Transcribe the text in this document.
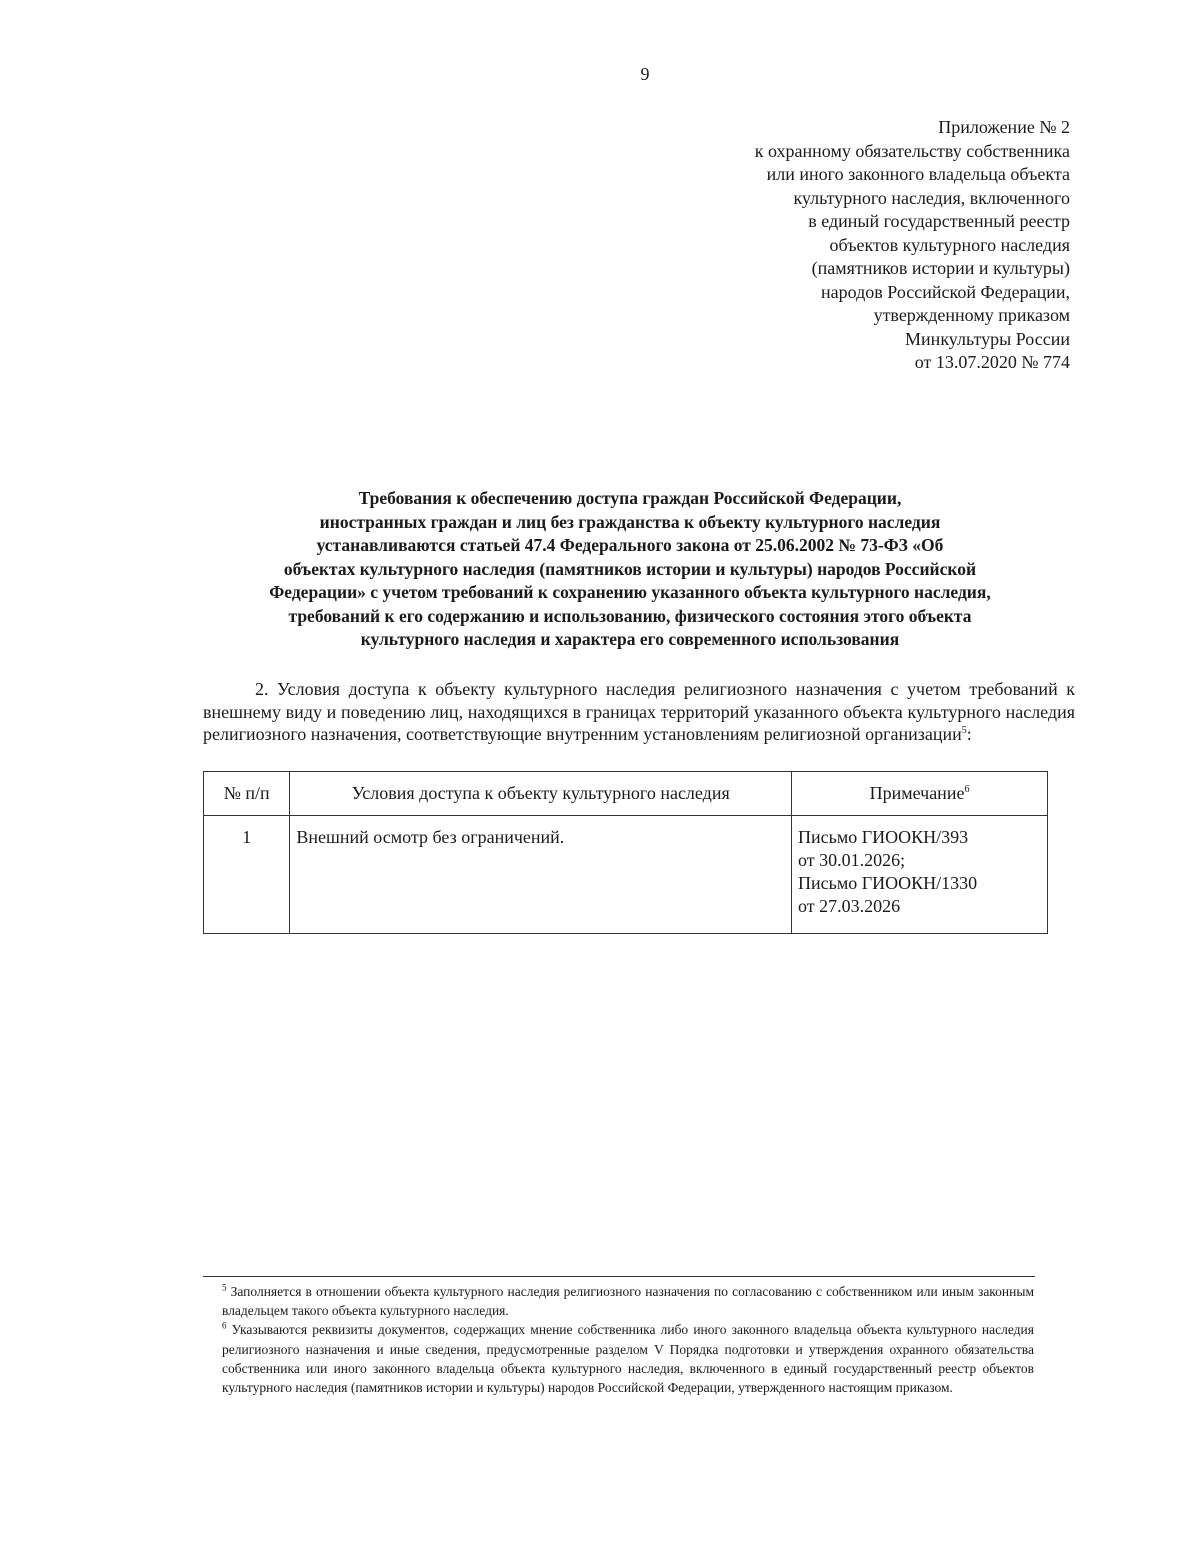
9
Приложение № 2
к охранному обязательству собственника
или иного законного владельца объекта
культурного наследия, включенного
в единый государственный реестр
объектов культурного наследия
(памятников истории и культуры)
народов Российской Федерации,
утвержденному приказом
Минкультуры России
от 13.07.2020 № 774
Требования к обеспечению доступа граждан Российской Федерации,
иностранных граждан и лиц без гражданства к объекту культурного наследия
устанавливаются статьей 47.4 Федерального закона от 25.06.2002 № 73-ФЗ «Об
объектах культурного наследия (памятников истории и культуры) народов Российской
Федерации» с учетом требований к сохранению указанного объекта культурного наследия,
требований к его содержанию и использованию, физического состояния этого объекта
культурного наследия и характера его современного использования
2. Условия доступа к объекту культурного наследия религиозного назначения с учетом требований к внешнему виду и поведению лиц, находящихся в границах территорий указанного объекта культурного наследия религиозного назначения, соответствующие внутренним установлениям религиозной организации$^5$:
№ п/п	Условия доступа к объекту культурного наследия	Примечание$^6$
1	Внешний осмотр без ограничений.	Письмо ГИООКН/393
от 30.01.2026;
Письмо ГИООКН/1330
от 27.03.2026

$^5$ Заполняется в отношении объекта культурного наследия религиозного назначения по согласованию с собственником или иным законным владельцем такого объекта культурного наследия.

$^6$ Указываются реквизиты документов, содержащих мнение собственника либо иного законного владельца объекта культурного наследия религиозного назначения и иные сведения, предусмотренные разделом V Порядка подготовки и утверждения охранного обязательства собственника или иного законного владельца объекта культурного наследия, включенного в единый государственный реестр объектов культурного наследия (памятников истории и культуры) народов Российской Федерации, утвержденного настоящим приказом.
